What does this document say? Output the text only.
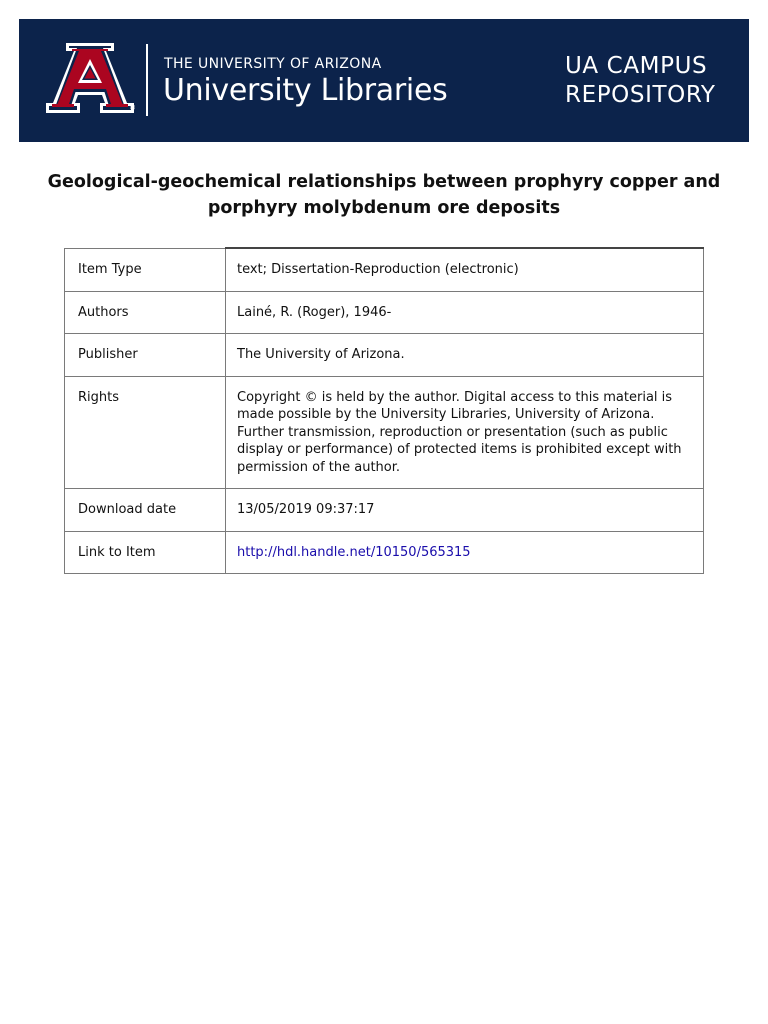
®
THE UNIVERSITY OF ARIZONA
University Libraries
UA CAMPUS
REPOSITORY
Geological-geochemical relationships between prophyry copper and porphyry molybdenum ore deposits
Item Type	text; Dissertation-Reproduction (electronic)
Authors	Lainé, R. (Roger), 1946-
Publisher	The University of Arizona.
Rights	Copyright © is held by the author. Digital access to this material is made possible by the University Libraries, University of Arizona. Further transmission, reproduction or presentation (such as public display or performance) of protected items is prohibited except with permission of the author.
Download date	13/05/2019 09:37:17
Link to Item	http://hdl.handle.net/10150/565315
